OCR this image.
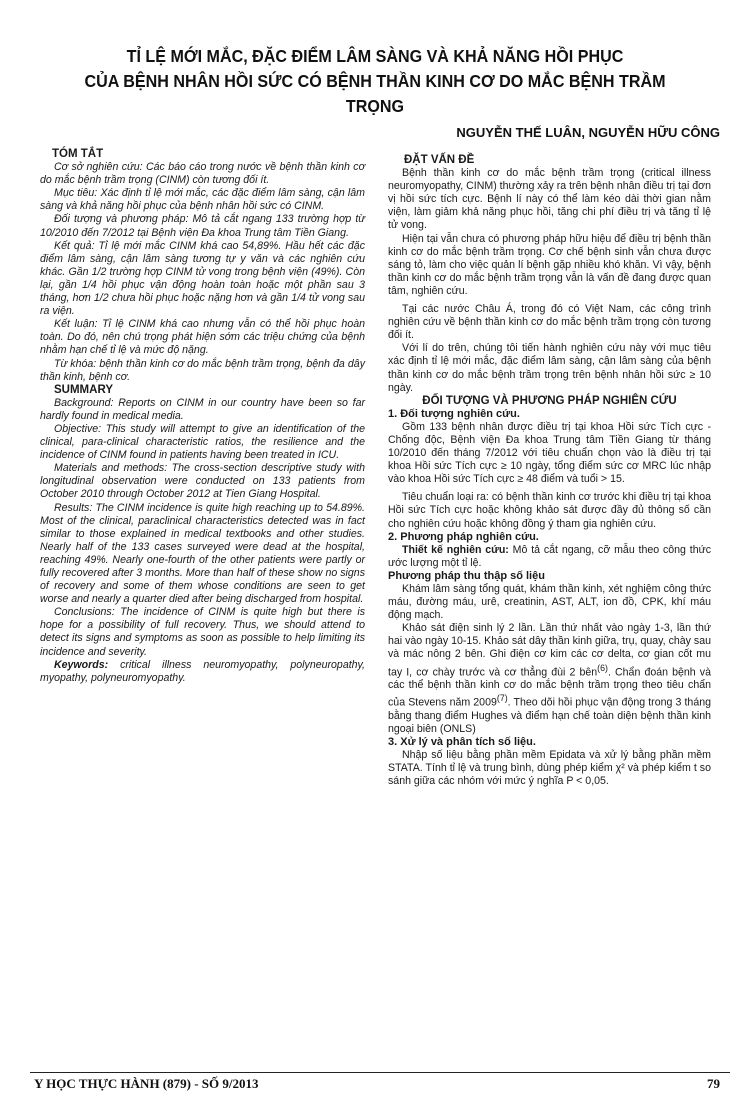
TỈ LỆ MỚI MẮC, ĐẶC ĐIỂM LÂM SÀNG VÀ KHẢ NĂNG HỒI PHỤC
CỦA BỆNH NHÂN HỒI SỨC CÓ BỆNH THẦN KINH CƠ DO MẮC BỆNH TRẦM TRỌNG
NGUYỄN THẾ LUÂN, NGUYỄN HỮU CÔNG

TÓM TẮT

Cơ sở nghiên cứu: Các báo cáo trong nước về bệnh thần kinh cơ do mắc bệnh trầm trọng (CINM) còn tương đối ít.

Mục tiêu: Xác định tỉ lệ mới mắc, các đặc điểm lâm sàng, cận lâm sàng và khả năng hồi phục của bệnh nhân hồi sức có CINM.

Đối tượng và phương pháp: Mô tả cắt ngang 133 trường hợp từ 10/2010 đến 7/2012 tại Bệnh viện Đa khoa Trung tâm Tiền Giang.

Kết quả: Tỉ lệ mới mắc CINM khá cao 54,89%. Hầu hết các đặc điểm lâm sàng, cận lâm sàng tương tự y văn và các nghiên cứu khác. Gần 1/2 trường hợp CINM tử vong trong bệnh viện (49%). Còn lại, gần 1/4 hồi phục vận động hoàn toàn hoặc một phần sau 3 tháng, hơn 1/2 chưa hồi phục hoặc nặng hơn và gần 1/4 tử vong sau ra viện.

Kết luận: Tỉ lệ CINM khá cao nhưng vẫn có thể hồi phục hoàn toàn. Do đó, nên chú trọng phát hiện sớm các triệu chứng của bệnh nhằm hạn chế tỉ lệ và mức độ nặng.

Từ khóa: bệnh thần kinh cơ do mắc bệnh trầm trọng, bệnh đa dây thần kinh, bệnh cơ.

SUMMARY

Background: Reports on CINM in our country have been so far hardly found in medical media.

Objective: This study will attempt to give an identification of the clinical, para-clinical characteristic ratios, the resilience and the incidence of CINM found in patients having been treated in ICU.

Materials and methods: The cross-section descriptive study with longitudinal observation were conducted on 133 patients from October 2010 through October 2012 at Tien Giang Hospital.

Results: The CINM incidence is quite high reaching up to 54.89%. Most of the clinical, paraclinical characteristics detected was in fact similar to those explained in medical textbooks and other studies. Nearly half of the 133 cases surveyed were dead at the hospital, reaching 49%. Nearly one-fourth of the other patients were partly or fully recovered after 3 months. More than half of these show no signs of recovery and some of them whose conditions are seen to get worse and nearly a quarter died after being discharged from hospital.

Conclusions: The incidence of CINM is quite high but there is hope for a possibility of full recovery. Thus, we should attend to detect its signs and symptoms as soon as possible to help limiting its incidence and severity.

Keywords: critical illness neuromyopathy, polyneuropathy, myopathy, polyneuromyopathy.

ĐẶT VẤN ĐỀ

Bệnh thần kinh cơ do mắc bệnh trầm trọng (critical illness neuromyopathy, CINM) thường xảy ra trên bệnh nhân điều trị tại đơn vị hồi sức tích cực. Bệnh lí này có thể làm kéo dài thời gian nằm viện, làm giảm khả năng phục hồi, tăng chi phí điều trị và tăng tỉ lệ tử vong.

Hiện tại vẫn chưa có phương pháp hữu hiệu để điều trị bệnh thần kinh cơ do mắc bệnh trầm trọng. Cơ chế bệnh sinh vẫn chưa được sáng tỏ, làm cho việc quản lí bệnh gặp nhiều khó khăn. Vì vậy, bệnh thần kinh cơ do mắc bệnh trầm trọng vẫn là vấn đề đang được quan tâm, nghiên cứu.

Tại các nước Châu Á, trong đó có Việt Nam, các công trình nghiên cứu về bệnh thần kinh cơ do mắc bệnh trầm trọng còn tương đối ít.

Với lí do trên, chúng tôi tiến hành nghiên cứu này với mục tiêu xác định tỉ lệ mới mắc, đặc điểm lâm sàng, cận lâm sàng của bệnh thần kinh cơ do mắc bệnh trầm trọng trên bệnh nhân hồi sức ≥ 10 ngày.

ĐỐI TƯỢNG VÀ PHƯƠNG PHÁP NGHIÊN CỨU

1. Đối tượng nghiên cứu.

Gồm 133 bệnh nhân được điều trị tại khoa Hồi sức Tích cực - Chống độc, Bệnh viện Đa khoa Trung tâm Tiền Giang từ tháng 10/2010 đến tháng 7/2012 với tiêu chuẩn chọn vào là điều trị tại khoa Hồi sức Tích cực ≥ 10 ngày, tổng điểm sức cơ MRC lúc nhập vào khoa Hồi sức Tích cực ≥ 48 điểm và tuổi > 15.

Tiêu chuẩn loại ra: có bệnh thần kinh cơ trước khi điều trị tại khoa Hồi sức Tích cực hoặc không khảo sát được đầy đủ thông số cần cho nghiên cứu hoặc không đồng ý tham gia nghiên cứu.

2. Phương pháp nghiên cứu.

Thiết kế nghiên cứu: Mô tả cắt ngang, cỡ mẫu theo công thức ước lượng một tỉ lệ.

Phương pháp thu thập số liệu

Khám lâm sàng tổng quát, khám thần kinh, xét nghiệm công thức máu, đường máu, urê, creatinin, AST, ALT, ion đồ, CPK, khí máu động mạch.

Khảo sát điện sinh lý 2 lần. Lần thứ nhất vào ngày 1-3, lần thứ hai vào ngày 10-15. Khảo sát dây thần kinh giữa, trụ, quay, chày sau và mác nông 2 bên. Ghi điện cơ kim các cơ delta, cơ gian cốt mu tay I, cơ chày trước và cơ thẳng đùi 2 bên$^{(6)}$. Chẩn đoán bệnh và các thể bệnh thần kinh cơ do mắc bệnh trầm trọng theo tiêu chẩn của Stevens năm 2009$^{(7)}$. Theo dõi hồi phục vận động trong 3 tháng bằng thang điểm Hughes và điểm hạn chế toàn diện bệnh thần kinh ngoại biên (ONLS)

3. Xử lý và phân tích số liệu.

Nhập số liệu bằng phần mềm Epidata và xử lý bằng phần mềm STATA. Tính tỉ lệ và trung bình, dùng phép kiểm χ² và phép kiểm t so sánh giữa các nhóm với mức ý nghĩa P < 0,05.

Y HỌC THỰC HÀNH (879) - SỐ 9/2013	79
